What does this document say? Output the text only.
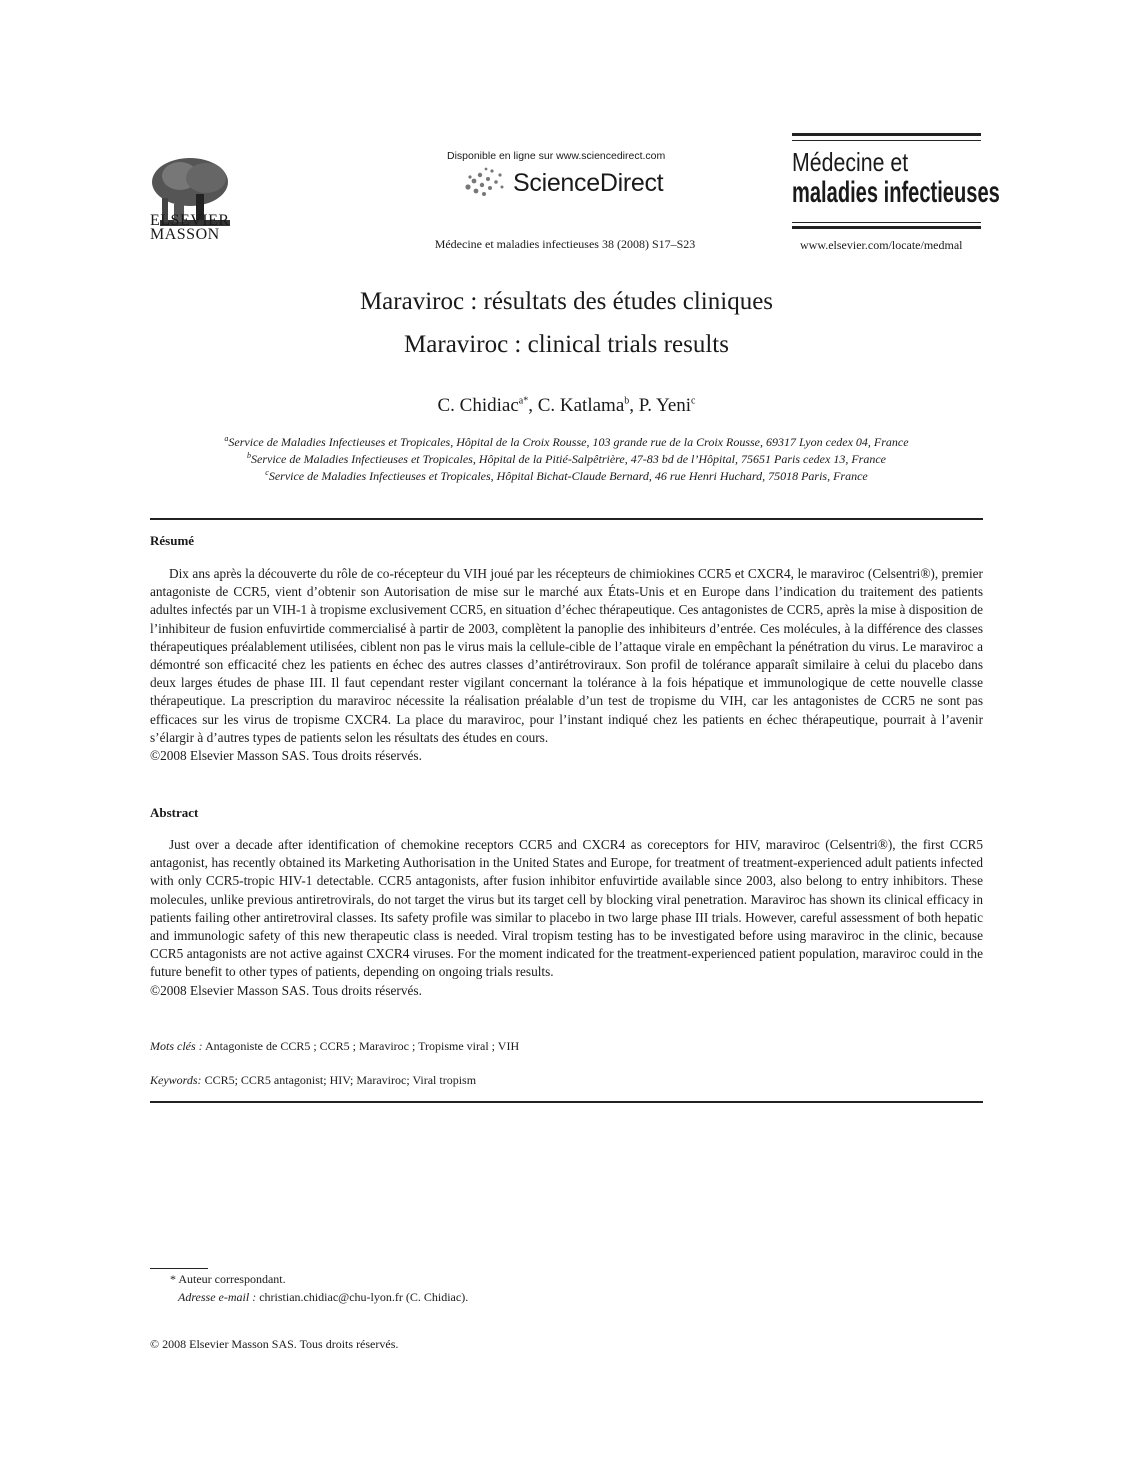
ELSEVIER
MASSON
Disponible en ligne sur www.sciencedirect.com
ScienceDirect
Médecine et maladies infectieuses 38 (2008) S17–S23
Médecine et
maladies infectieuses
www.elsevier.com/locate/medmal
Maraviroc : résultats des études cliniques
Maraviroc : clinical trials results
C. Chidiac$^{a*}$, C. Katlama$^b$, P. Yeni$^c$
$^a$Service de Maladies Infectieuses et Tropicales, Hôpital de la Croix Rousse, 103 grande rue de la Croix Rousse, 69317 Lyon cedex 04, France
$^b$Service de Maladies Infectieuses et Tropicales, Hôpital de la Pitié-Salpêtrière, 47-83 bd de l’Hôpital, 75651 Paris cedex 13, France
$^c$Service de Maladies Infectieuses et Tropicales, Hôpital Bichat-Claude Bernard, 46 rue Henri Huchard, 75018 Paris, France
Résumé

Dix ans après la découverte du rôle de co-récepteur du VIH joué par les récepteurs de chimiokines CCR5 et CXCR4, le maraviroc (Celsentri®), premier antagoniste de CCR5, vient d’obtenir son Autorisation de mise sur le marché aux États-Unis et en Europe dans l’indication du traitement des patients adultes infectés par un VIH-1 à tropisme exclusivement CCR5, en situation d’échec thérapeutique. Ces antagonistes de CCR5, après la mise à disposition de l’inhibiteur de fusion enfuvirtide commercialisé à partir de 2003, complètent la panoplie des inhibiteurs d’entrée. Ces molécules, à la différence des classes thérapeutiques préalablement utilisées, ciblent non pas le virus mais la cellule-cible de l’attaque virale en empêchant la pénétration du virus. Le maraviroc a démontré son efficacité chez les patients en échec des autres classes d’antirétroviraux. Son profil de tolérance apparaît similaire à celui du placebo dans deux larges études de phase III. Il faut cependant rester vigilant concernant la tolérance à la fois hépatique et immunologique de cette nouvelle classe thérapeutique. La prescription du maraviroc nécessite la réalisation préalable d’un test de tropisme du VIH, car les antagonistes de CCR5 ne sont pas efficaces sur les virus de tropisme CXCR4. La place du maraviroc, pour l’instant indiqué chez les patients en échec thérapeutique, pourrait à l’avenir s’élargir à d’autres types de patients selon les résultats des études en cours.

©2008 Elsevier Masson SAS. Tous droits réservés.

Abstract

Just over a decade after identification of chemokine receptors CCR5 and CXCR4 as coreceptors for HIV, maraviroc (Celsentri®), the first CCR5 antagonist, has recently obtained its Marketing Authorisation in the United States and Europe, for treatment of treatment-experienced adult patients infected with only CCR5-tropic HIV-1 detectable. CCR5 antagonists, after fusion inhibitor enfuvirtide available since 2003, also belong to entry inhibitors. These molecules, unlike previous antiretrovirals, do not target the virus but its target cell by blocking viral penetration. Maraviroc has shown its clinical efficacy in patients failing other antiretroviral classes. Its safety profile was similar to placebo in two large phase III trials. However, careful assessment of both hepatic and immunologic safety of this new therapeutic class is needed. Viral tropism testing has to be investigated before using maraviroc in the clinic, because CCR5 antagonists are not active against CXCR4 viruses. For the moment indicated for the treatment-experienced patient population, maraviroc could in the future benefit to other types of patients, depending on ongoing trials results.

©2008 Elsevier Masson SAS. Tous droits réservés.

Mots clés : Antagoniste de CCR5 ; CCR5 ; Maraviroc ; Tropisme viral ; VIH
Keywords: CCR5; CCR5 antagonist; HIV; Maraviroc; Viral tropism
* Auteur correspondant.
Adresse e-mail : christian.chidiac@chu-lyon.fr (C. Chidiac).
© 2008 Elsevier Masson SAS. Tous droits réservés.
